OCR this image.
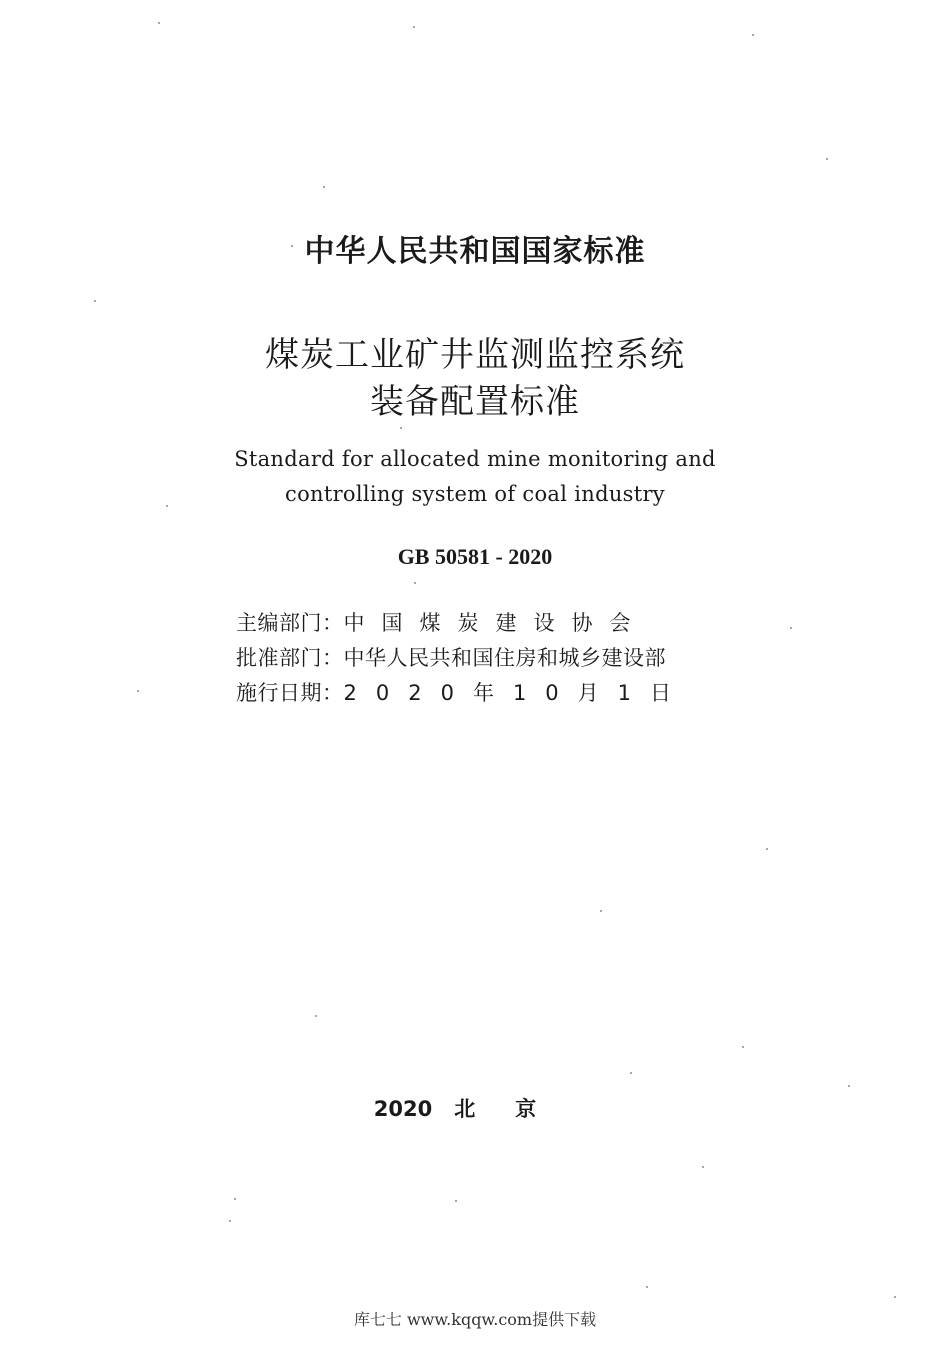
中华人民共和国国家标准
煤炭工业矿井监测监控系统
装备配置标准
Standard for allocated mine monitoring and
controlling system of coal industry
GB 50581 - 2020
主编部门： 中国煤炭建设协会
批准部门： 中华人民共和国住房和城乡建设部
施行日期： 2020年10月1日
2020 北京
库七七 www.kqqw.com提供下载
